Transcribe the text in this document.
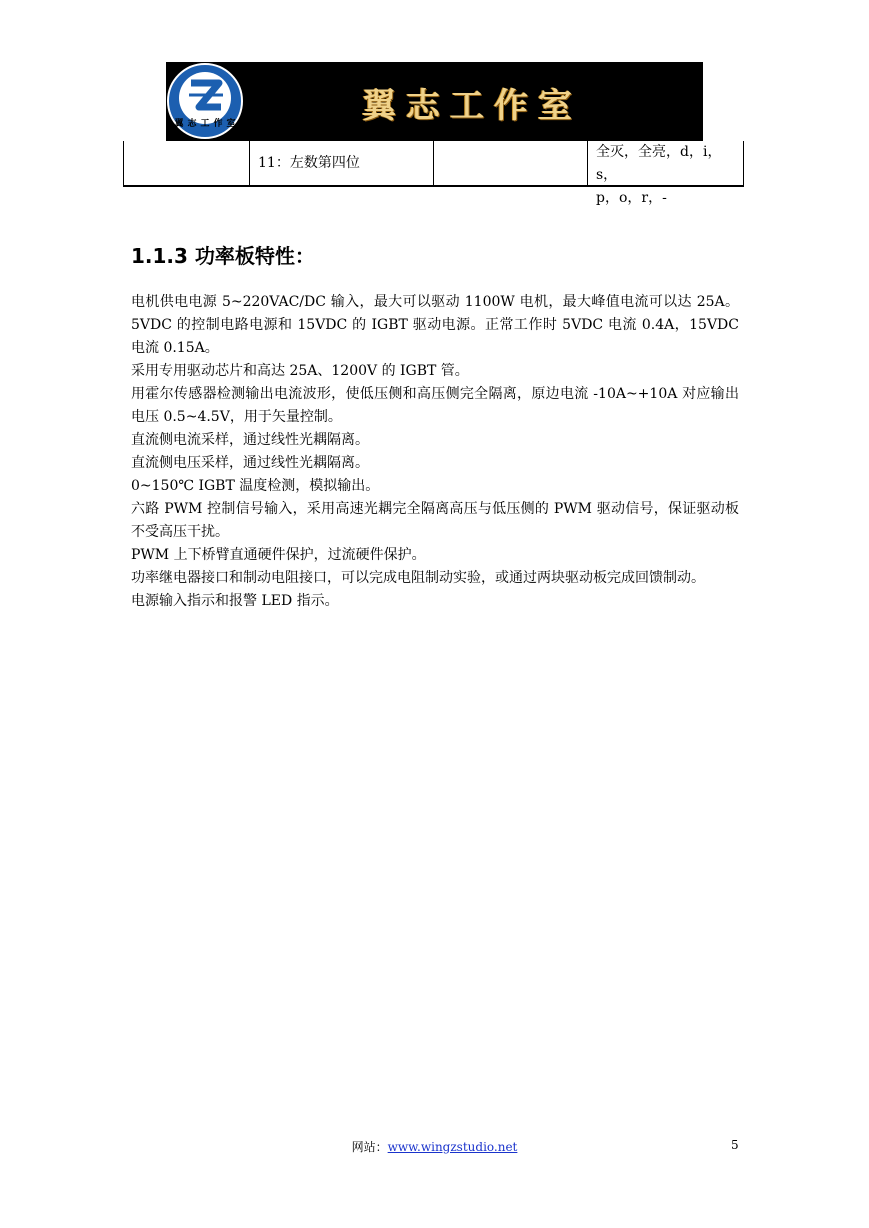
翼志工作室	翼志工作室
11：左数第四位
全灭，全亮，d，i，s，
p，o，r，-
1.1.3 功率板特性：

电机供电电源 5~220VAC/DC 输入，最大可以驱动 1100W 电机，最大峰值电流可以达 25A。5VDC 的控制电路电源和 15VDC 的 IGBT 驱动电源。正常工作时 5VDC 电流 0.4A，15VDC 电流 0.15A。

采用专用驱动芯片和高达 25A、1200V 的 IGBT 管。

用霍尔传感器检测输出电流波形，使低压侧和高压侧完全隔离，原边电流 -10A~+10A 对应输出电压 0.5~4.5V，用于矢量控制。

直流侧电流采样，通过线性光耦隔离。

直流侧电压采样，通过线性光耦隔离。

0~150℃ IGBT 温度检测，模拟输出。

六路 PWM 控制信号输入，采用高速光耦完全隔离高压与低压侧的 PWM 驱动信号，保证驱动板不受高压干扰。

PWM 上下桥臂直通硬件保护，过流硬件保护。

功率继电器接口和制动电阻接口，可以完成电阻制动实验，或通过两块驱动板完成回馈制动。

电源输入指示和报警 LED 指示。

网站：www.wingzstudio.net	5
